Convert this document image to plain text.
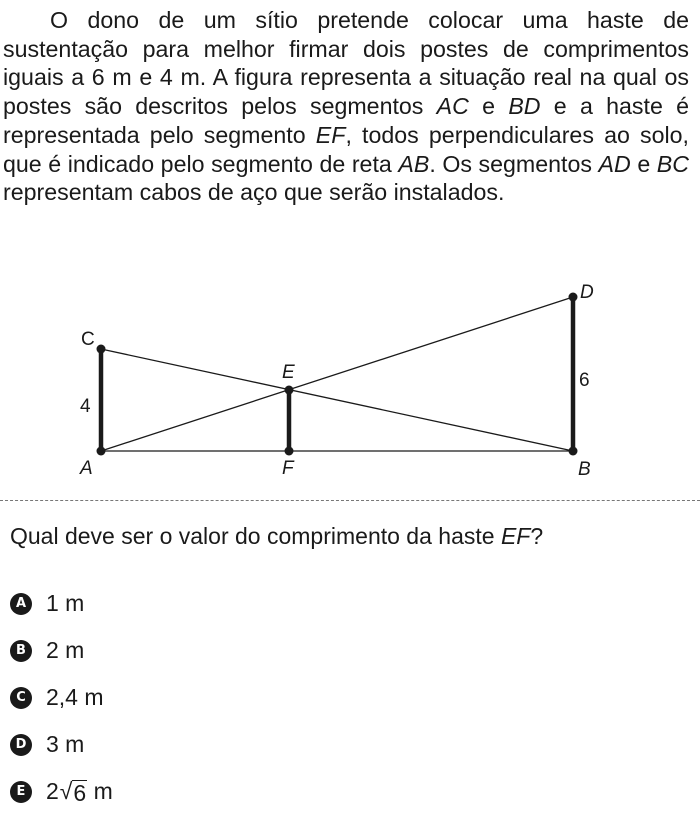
O dono de um sítio pretende colocar uma haste de sustentação para melhor firmar dois postes de comprimentos iguais a 6 m e 4 m. A figura representa a situação real na qual os postes são descritos pelos segmentos AC e BD e a haste é representada pelo segmento EF, todos perpendiculares ao solo, que é indicado pelo segmento de reta AB. Os segmentos AD e BC representam cabos de aço que serão instalados.

C
A
E
F
D
B
4
6

Qual deve ser o valor do comprimento da haste EF?

A 1 m
B 2 m
C 2,4 m
D 3 m
E 2 √ 6 m
